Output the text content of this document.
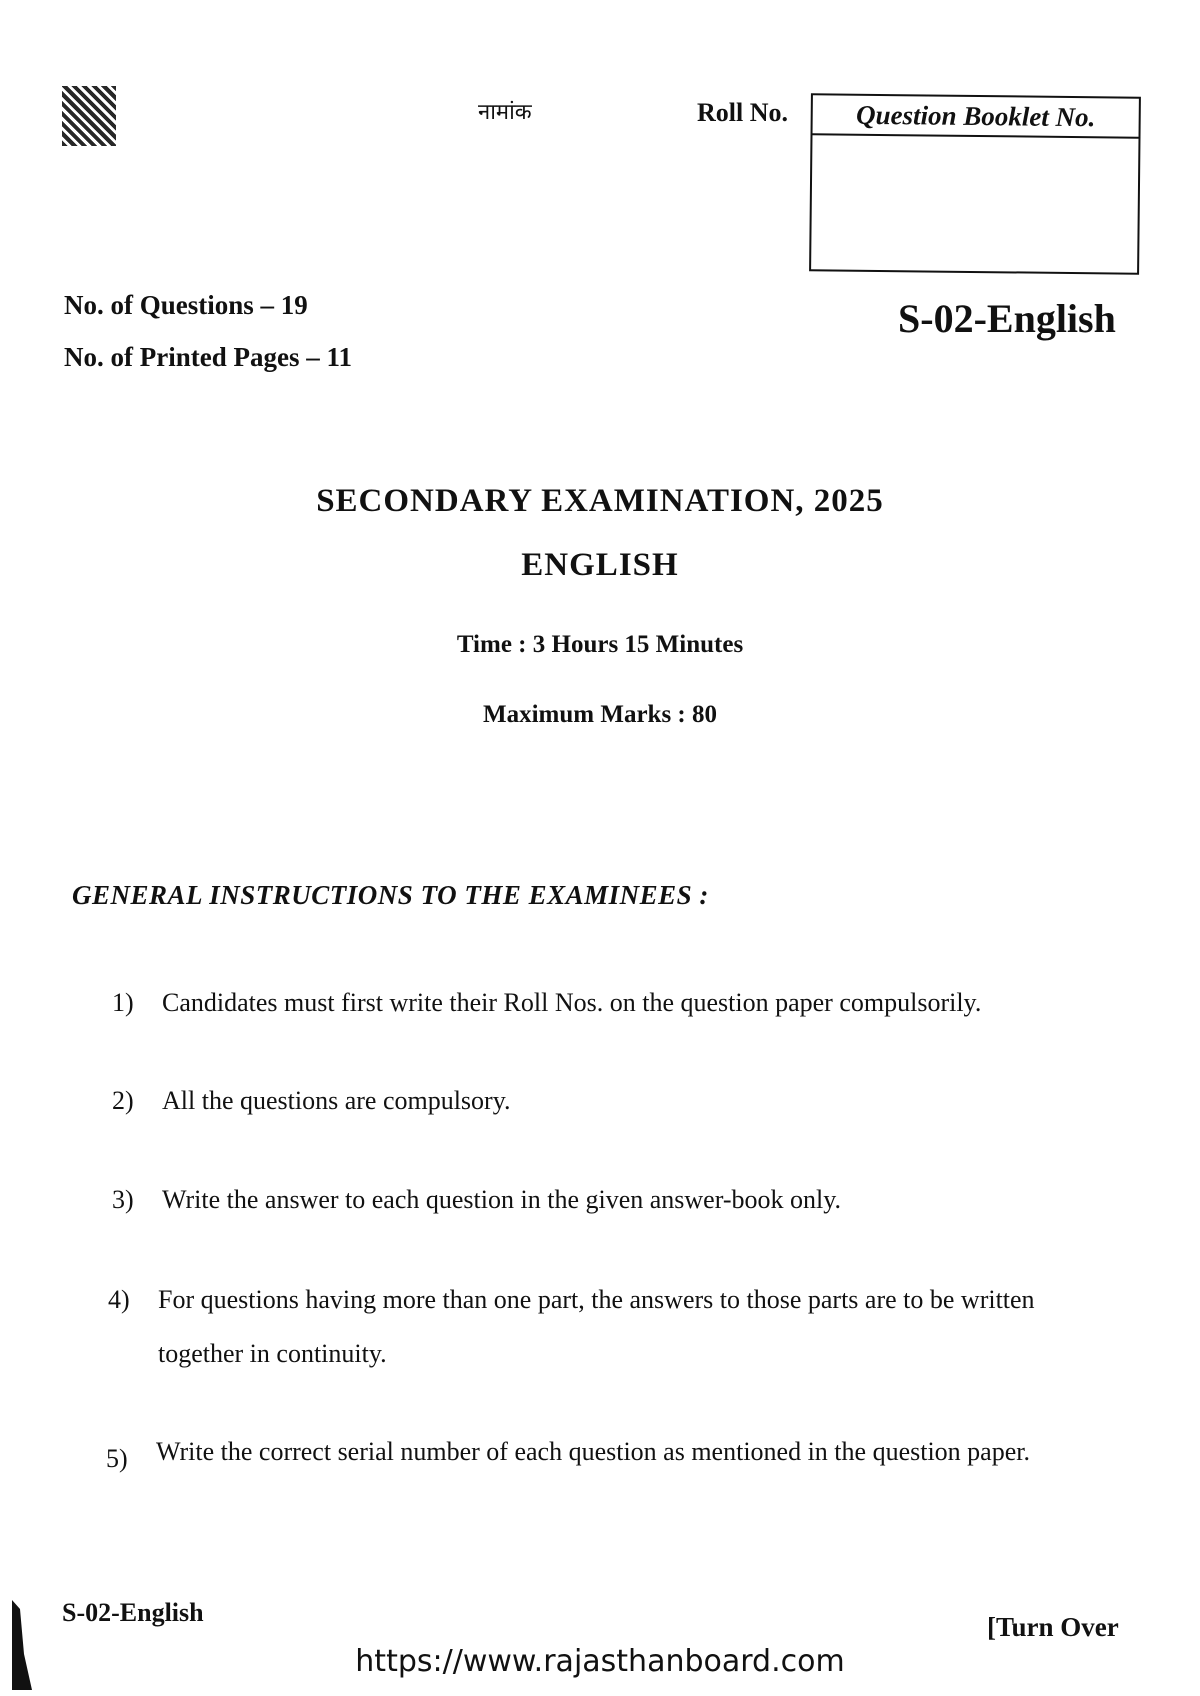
नामांक	Roll No.	Question Booklet No.
No. of Questions – 19
No. of Printed Pages – 11
S-02-English
SECONDARY EXAMINATION, 2025
ENGLISH
Time : 3 Hours 15 Minutes
Maximum Marks : 80
GENERAL INSTRUCTIONS TO THE EXAMINEES :
1) Candidates must first write their Roll Nos. on the question paper compulsorily.
2) All the questions are compulsory.
3) Write the answer to each question in the given answer-book only.
4) For questions having more than one part, the answers to those parts are to be written together in continuity.
5) Write the correct serial number of each question as mentioned in the question paper.
S-02-English	[Turn Over
https://www.rajasthanboard.com
